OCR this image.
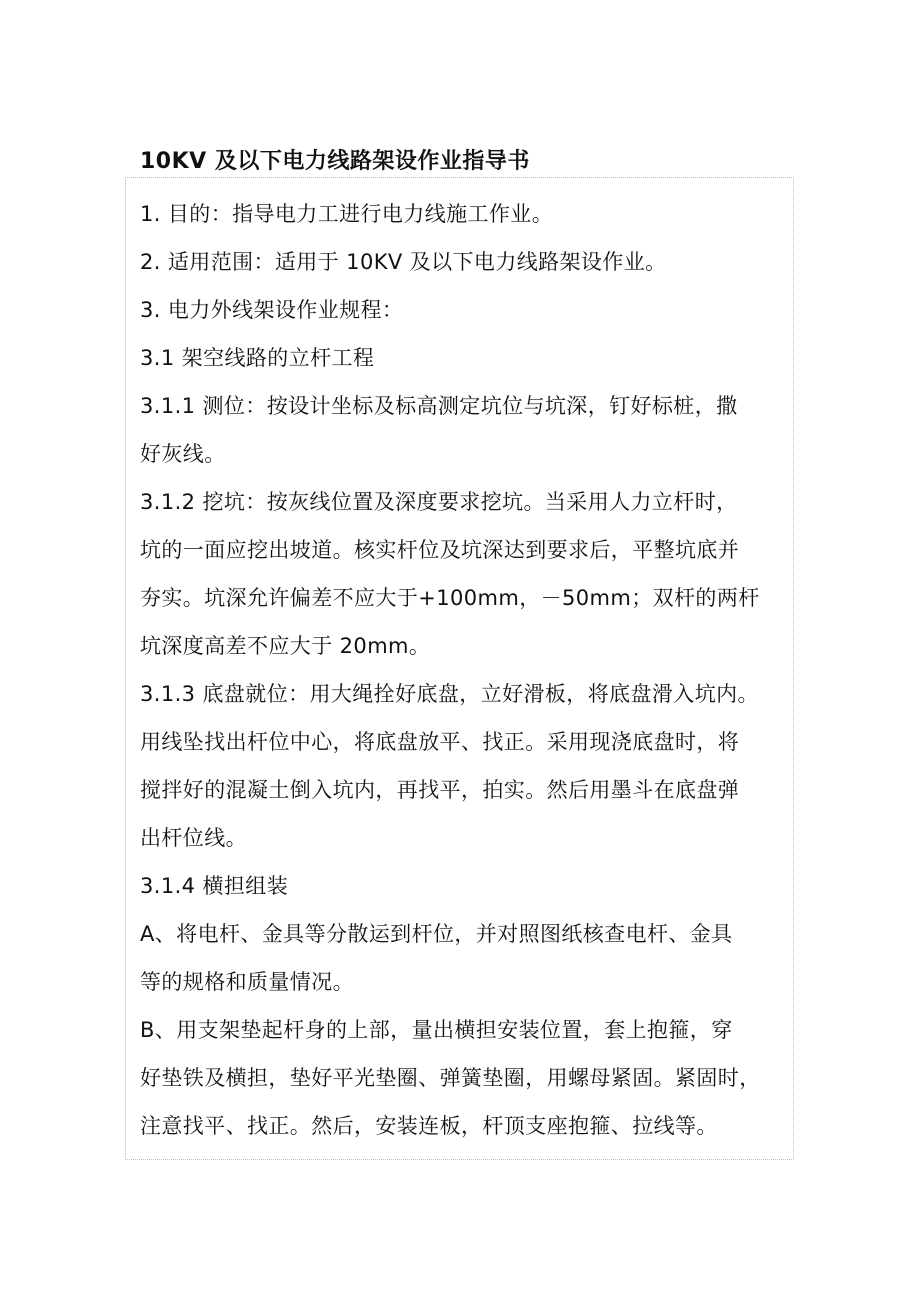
10KV 及以下电力线路架设作业指导书
1. 目的：指导电力工进行电力线施工作业。
2. 适用范围：适用于 10KV 及以下电力线路架设作业。
3. 电力外线架设作业规程：
3.1 架空线路的立杆工程
3.1.1 测位：按设计坐标及标高测定坑位与坑深，钉好标桩，撒
好灰线。
3.1.2 挖坑：按灰线位置及深度要求挖坑。当采用人力立杆时，
坑的一面应挖出坡道。核实杆位及坑深达到要求后，平整坑底并
夯实。坑深允许偏差不应大于+100mm，－50mm；双杆的两杆
坑深度高差不应大于 20mm。
3.1.3 底盘就位：用大绳拴好底盘，立好滑板，将底盘滑入坑内。
用线坠找出杆位中心，将底盘放平、找正。采用现浇底盘时，将
搅拌好的混凝土倒入坑内，再找平，拍实。然后用墨斗在底盘弹
出杆位线。
3.1.4 横担组装
A、将电杆、金具等分散运到杆位，并对照图纸核查电杆、金具
等的规格和质量情况。
B、用支架垫起杆身的上部，量出横担安装位置，套上抱箍，穿
好垫铁及横担，垫好平光垫圈、弹簧垫圈，用螺母紧固。紧固时，
注意找平、找正。然后，安装连板，杆顶支座抱箍、拉线等。
